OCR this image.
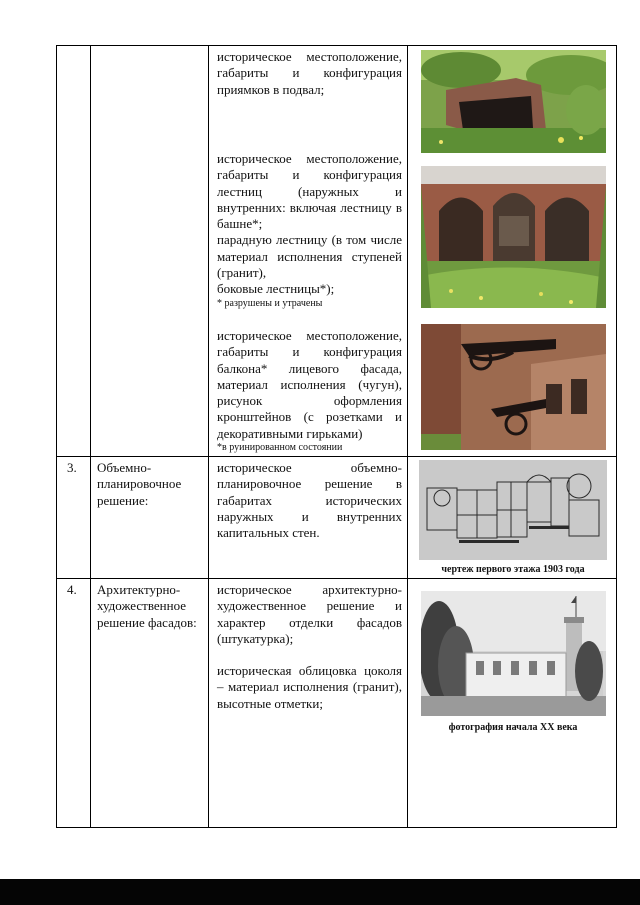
историческое местоположение,
габариты и конфигурация
приямков в подвал;
историческое местоположение,
габариты и конфигурация
лестниц (наружных и
внутренних: включая лестницу в
башне*;
парадную лестницу (в том числе
материал исполнения ступеней
(гранит),
боковые лестницы*);
* разрушены и утрачены
историческое местоположение,
габариты и конфигурация
балкона* лицевого фасада,
материал исполнения (чугун),
рисунок оформления
кронштейнов (с розетками и
декоративными гирьками)
*в руинированном состоянии
3.	Объемно-
планировочное
решение:
историческое объемно-
планировочное решение в
габаритах исторических
наружных и внутренних
капитальных стен.
чертеж первого этажа 1903 года
4.	Архитектурно-
художественное
решение фасадов:
историческое архитектурно-
художественное решение и
характер отделки фасадов
(штукатурка);
историческая облицовка цоколя
– материал исполнения (гранит),
высотные отметки;
фотография начала XX века
